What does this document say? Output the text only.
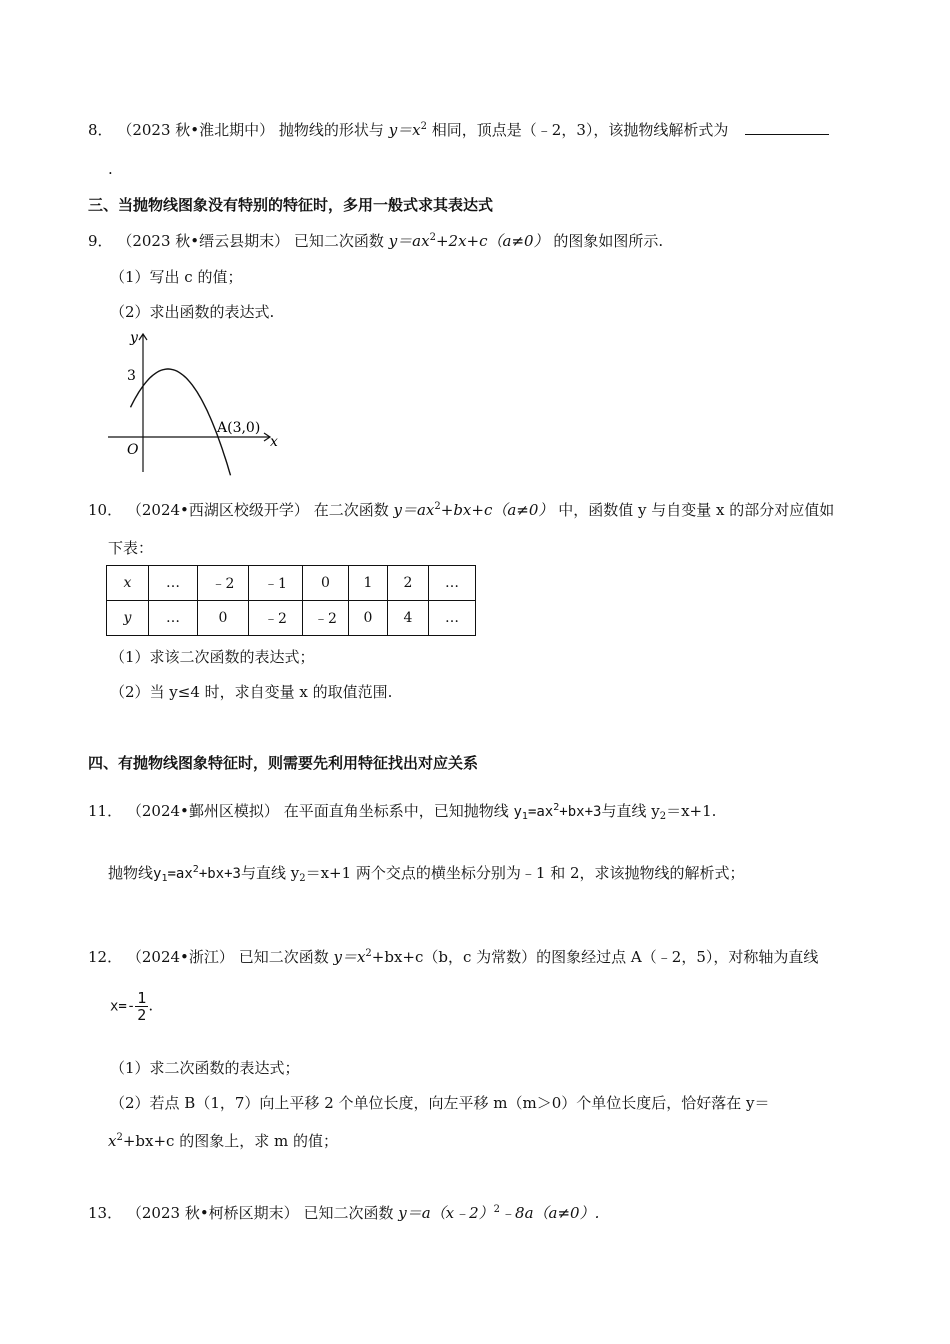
8． （2023 秋•淮北期中） 抛物线的形状与 $y=x^2$ 相同，顶点是（﹣2，3），该抛物线解析式为
.
三、当抛物线图象没有特别的特征时，多用一般式求其表达式
9． （2023 秋•缙云县期末） 已知二次函数 $y=ax^2+2x+c(a\ne 0)$ 的图象如图所示.
（1）写出 c 的值；
（2）求出函数的表达式.
y
x
O
3
A(3,0)
10． （2024•西湖区校级开学） 在二次函数 $y=ax^2+bx+c(a\ne 0)$ 中，函数值 y 与自变量 x 的部分对应值如
下表：
x	…	﹣2	﹣1	0	1	2	…
y	…	0	﹣2	﹣2	0	4	…
（1）求该二次函数的表达式；
（2）当 y≤4 时，求自变量 x 的取值范围.
四、有抛物线图象特征时，则需要先利用特征找出对应关系
11． （2024•鄞州区模拟） 在平面直角坐标系中，已知抛物线 $y_1=ax^2+bx+3$与直线 $y_2=x+1$.
抛物线$y_1=ax^2+bx+3$与直线 $y_2=x+1$ 两个交点的横坐标分别为﹣1 和 2，求该抛物线的解析式；
12． （2024•浙江） 已知二次函数 $y=x^2+bx+c(b$，c 为常数）的图象经过点 A（﹣2，5），对称轴为直线
$x=- \frac{1}{2}$ .
（1）求二次函数的表达式；
（2）若点 B（1，7）向上平移 2 个单位长度，向左平移 m（m＞0）个单位长度后，恰好落在 y＝
$x^2+bx+c$ 的图象上，求 m 的值；
13． （2023 秋•柯桥区期末） 已知二次函数 y＝a（x﹣2）$^2$﹣8a（a≠0）.
